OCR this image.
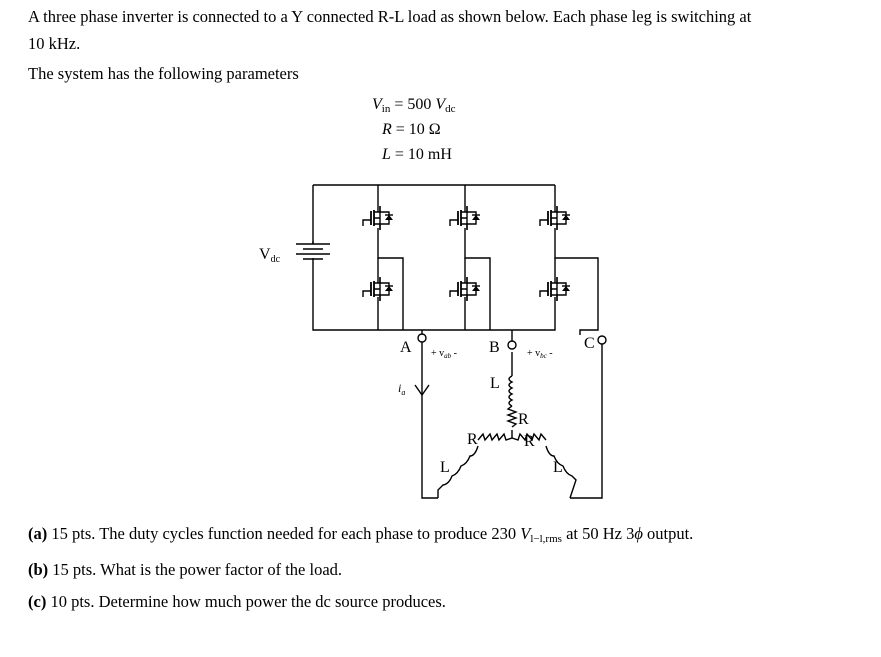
A three phase inverter is connected to a Y connected R-L load as shown below. Each phase leg is switching at
10 kHz.
The system has the following parameters
$V_{in} = 500$ $V_{dc}$
R = 10 Ω
L = 10 mH
Vdc
A	B	C
+ $v_{ab}$ -	+ $v_{bc}$ -
$i_a$
L
R
R	R
L	L
(a) 15 pts. The duty cycles function needed for each phase to produce 230 $V_{l-l,rms}$ at 50 Hz 3ϕ output.
(b) 15 pts. What is the power factor of the load.
(c) 10 pts. Determine how much power the dc source produces.
